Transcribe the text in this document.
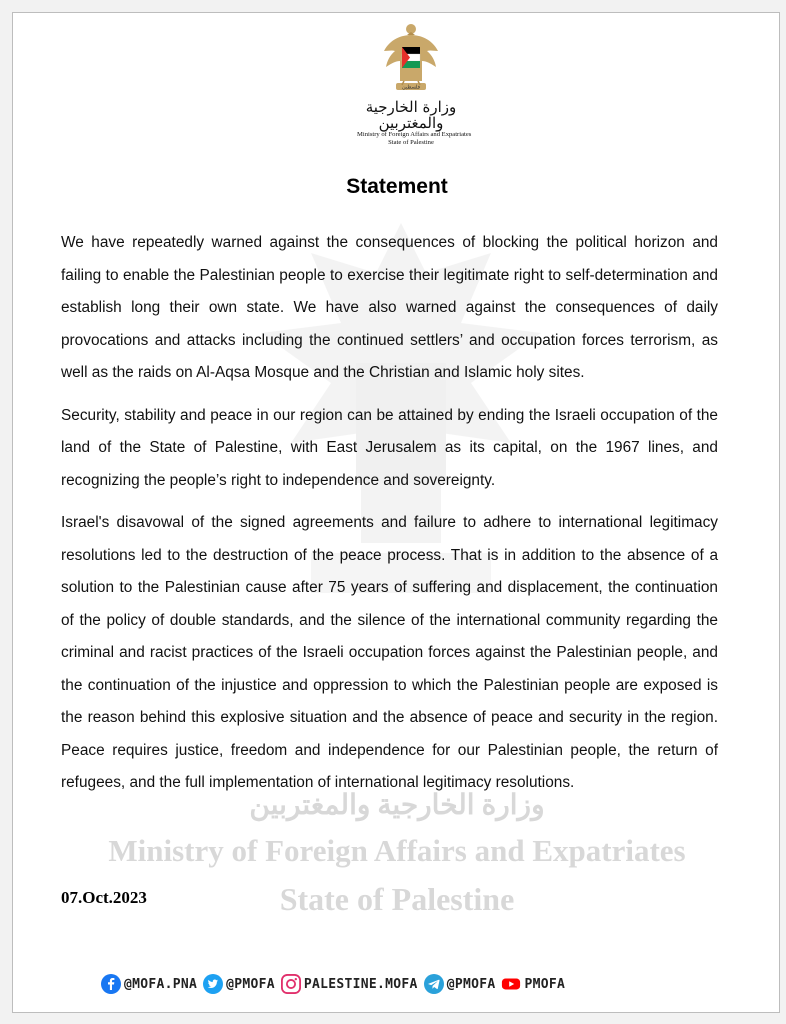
وزارة الخارجية والمغتربين
Ministry of Foreign Affairs and Expatriates
State of Palestine
فلسطين
وزارة الخارجية والمغتربين
Ministry of Foreign Affairs and Expatriates
State of Palestine
Statement

We have repeatedly warned against the consequences of blocking the political horizon and failing to enable the Palestinian people to exercise their legitimate right to self-determination and establish long their own state. We have also warned against the consequences of daily provocations and attacks including the continued settlers’ and occupation forces terrorism, as well as the raids on Al-Aqsa Mosque and the Christian and Islamic holy sites.

Security, stability and peace in our region can be attained by ending the Israeli occupation of the land of the State of Palestine, with East Jerusalem as its capital, on the 1967 lines, and recognizing the people’s right to independence and sovereignty.

Israel's disavowal of the signed agreements and failure to adhere to international legitimacy resolutions led to the destruction of the peace process. That is in addition to the absence of a solution to the Palestinian cause after 75 years of suffering and displacement, the continuation of the policy of double standards, and the silence of the international community regarding the criminal and racist practices of the Israeli occupation forces against the Palestinian people, and the continuation of the injustice and oppression to which the Palestinian people are exposed is the reason behind this explosive situation and the absence of peace and security in the region. Peace requires justice, freedom and independence for our Palestinian people, the return of refugees, and the full implementation of international legitimacy resolutions.

07.Oct.2023
@MOFA.PNA @PMOFA PALESTINE.MOFA @PMOFA PMOFA
